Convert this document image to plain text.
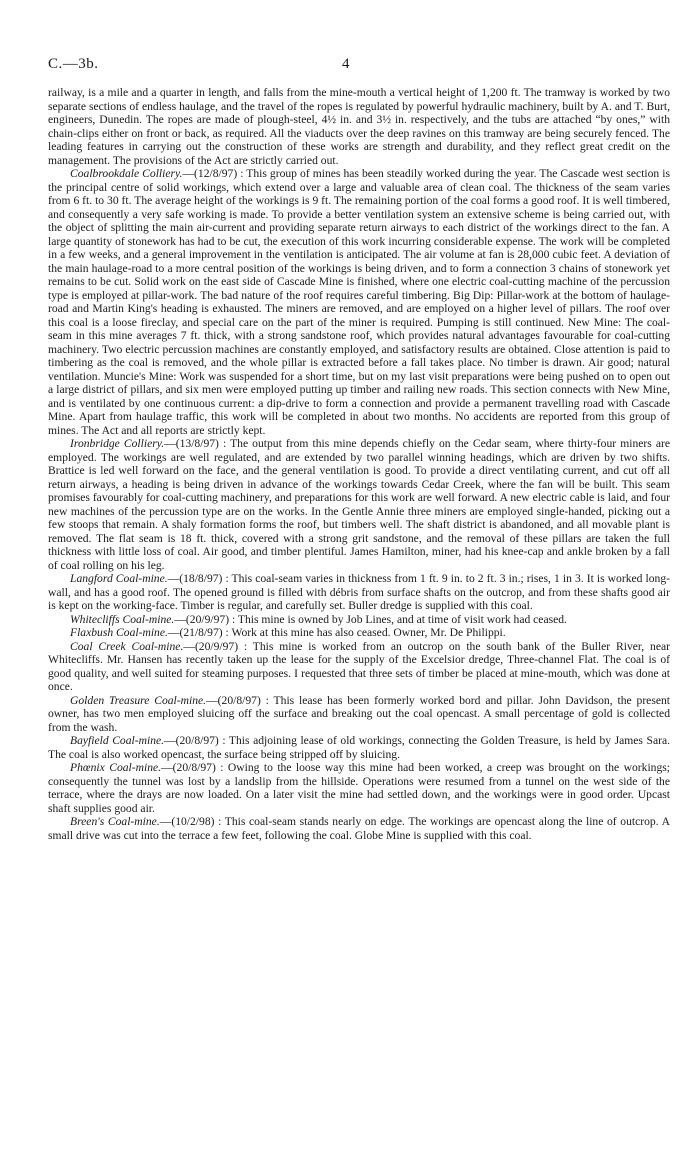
C.—3b.	4

railway, is a mile and a quarter in length, and falls from the mine-mouth a vertical height of 1,200 ft. The tramway is worked by two separate sections of endless haulage, and the travel of the ropes is regulated by powerful hydraulic machinery, built by A. and T. Burt, engineers, Dunedin. The ropes are made of plough-steel, 4½ in. and 3½ in. respectively, and the tubs are attached “by ones,” with chain-clips either on front or back, as required. All the viaducts over the deep ravines on this tramway are being securely fenced. The leading features in carrying out the construction of these works are strength and durability, and they reflect great credit on the management. The provisions of the Act are strictly carried out.

Coalbrookdale Colliery.—(12/8/97) : This group of mines has been steadily worked during the year. The Cascade west section is the principal centre of solid workings, which extend over a large and valuable area of clean coal. The thickness of the seam varies from 6 ft. to 30 ft. The average height of the workings is 9 ft. The remaining portion of the coal forms a good roof. It is well timbered, and consequently a very safe working is made. To provide a better ventilation system an extensive scheme is being carried out, with the object of splitting the main air-current and providing separate return airways to each district of the workings direct to the fan. A large quantity of stonework has had to be cut, the execution of this work incurring considerable expense. The work will be completed in a few weeks, and a general improvement in the ventilation is anticipated. The air volume at fan is 28,000 cubic feet. A deviation of the main haulage-road to a more central position of the workings is being driven, and to form a connection 3 chains of stonework yet remains to be cut. Solid work on the east side of Cascade Mine is finished, where one electric coal-cutting machine of the percussion type is employed at pillar-work. The bad nature of the roof requires careful timbering. Big Dip: Pillar-work at the bottom of haulage-road and Martin King's heading is exhausted. The miners are removed, and are employed on a higher level of pillars. The roof over this coal is a loose fireclay, and special care on the part of the miner is required. Pumping is still continued. New Mine: The coal-seam in this mine averages 7 ft. thick, with a strong sandstone roof, which provides natural advantages favourable for coal-cutting machinery. Two electric percussion machines are constantly employed, and satisfactory results are obtained. Close attention is paid to timbering as the coal is removed, and the whole pillar is extracted before a fall takes place. No timber is drawn. Air good; natural ventilation. Muncie's Mine: Work was suspended for a short time, but on my last visit preparations were being pushed on to open out a large district of pillars, and six men were employed putting up timber and railing new roads. This section connects with New Mine, and is ventilated by one continuous current: a dip-drive to form a connection and provide a permanent travelling road with Cascade Mine. Apart from haulage traffic, this work will be completed in about two months. No accidents are reported from this group of mines. The Act and all reports are strictly kept.

Ironbridge Colliery.—(13/8/97) : The output from this mine depends chiefly on the Cedar seam, where thirty-four miners are employed. The workings are well regulated, and are extended by two parallel winning headings, which are driven by two shifts. Brattice is led well forward on the face, and the general ventilation is good. To provide a direct ventilating current, and cut off all return airways, a heading is being driven in advance of the workings towards Cedar Creek, where the fan will be built. This seam promises favourably for coal-cutting machinery, and preparations for this work are well forward. A new electric cable is laid, and four new machines of the percussion type are on the works. In the Gentle Annie three miners are employed single-handed, picking out a few stoops that remain. A shaly formation forms the roof, but timbers well. The shaft district is abandoned, and all movable plant is removed. The flat seam is 18 ft. thick, covered with a strong grit sandstone, and the removal of these pillars are taken the full thickness with little loss of coal. Air good, and timber plentiful. James Hamilton, miner, had his knee-cap and ankle broken by a fall of coal rolling on his leg.

Langford Coal-mine.—(18/8/97) : This coal-seam varies in thickness from 1 ft. 9 in. to 2 ft. 3 in.; rises, 1 in 3. It is worked long-wall, and has a good roof. The opened ground is filled with débris from surface shafts on the outcrop, and from these shafts good air is kept on the working-face. Timber is regular, and carefully set. Buller dredge is supplied with this coal.

Whitecliffs Coal-mine.—(20/9/97) : This mine is owned by Job Lines, and at time of visit work had ceased.

Flaxbush Coal-mine.—(21/8/97) : Work at this mine has also ceased. Owner, Mr. De Philippi.

Coal Creek Coal-mine.—(20/9/97) : This mine is worked from an outcrop on the south bank of the Buller River, near Whitecliffs. Mr. Hansen has recently taken up the lease for the supply of the Excelsior dredge, Three-channel Flat. The coal is of good quality, and well suited for steaming purposes. I requested that three sets of timber be placed at mine-mouth, which was done at once.

Golden Treasure Coal-mine.—(20/8/97) : This lease has been formerly worked bord and pillar. John Davidson, the present owner, has two men employed sluicing off the surface and breaking out the coal opencast. A small percentage of gold is collected from the wash.

Bayfield Coal-mine.—(20/8/97) : This adjoining lease of old workings, connecting the Golden Treasure, is held by James Sara. The coal is also worked opencast, the surface being stripped off by sluicing.

Phœnix Coal-mine.—(20/8/97) : Owing to the loose way this mine had been worked, a creep was brought on the workings; consequently the tunnel was lost by a landslip from the hillside. Operations were resumed from a tunnel on the west side of the terrace, where the drays are now loaded. On a later visit the mine had settled down, and the workings were in good order. Upcast shaft supplies good air.

Breen's Coal-mine.—(10/2/98) : This coal-seam stands nearly on edge. The workings are opencast along the line of outcrop. A small drive was cut into the terrace a few feet, following the coal. Globe Mine is supplied with this coal.
